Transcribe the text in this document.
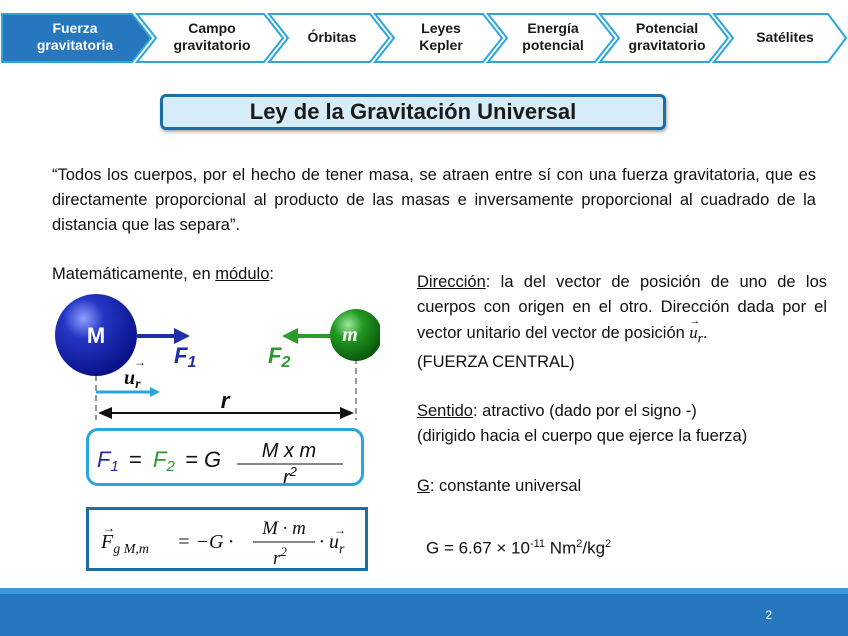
Fuerza
gravitatoria
Campo
gravitatorio
Órbitas
Leyes
Kepler
Energía
potencial
Potencial
gravitatorio
Satélites
Ley de la Gravitación Universal
“Todos los cuerpos, por el hecho de tener masa, se atraen entre sí con una fuerza gravitatoria, que es directamente proporcional al producto de las masas e inversamente proporcional al cuadrado de la distancia que las separa”.
Matemáticamente, en módulo:
M
F1
m
F2
→
$u_r$
r
F1 = F2 = G M x m
$r^2$
→
$F_{g M,m} = -G$ ·
M · m
$r^2$
→
· $u_r$

Dirección: la del vector de posición de uno de los cuerpos con origen en el otro. Dirección dada por el vector unitario del vector de posición u
→
$_r$.

(FUERZA CENTRAL)

Sentido: atractivo (dado por el signo -)

(dirigido hacia el cuerpo que ejerce la fuerza)

G: constante universal

$G = 6.67 \times 10^{-11}$ $Nm^2/kg^2$
2
